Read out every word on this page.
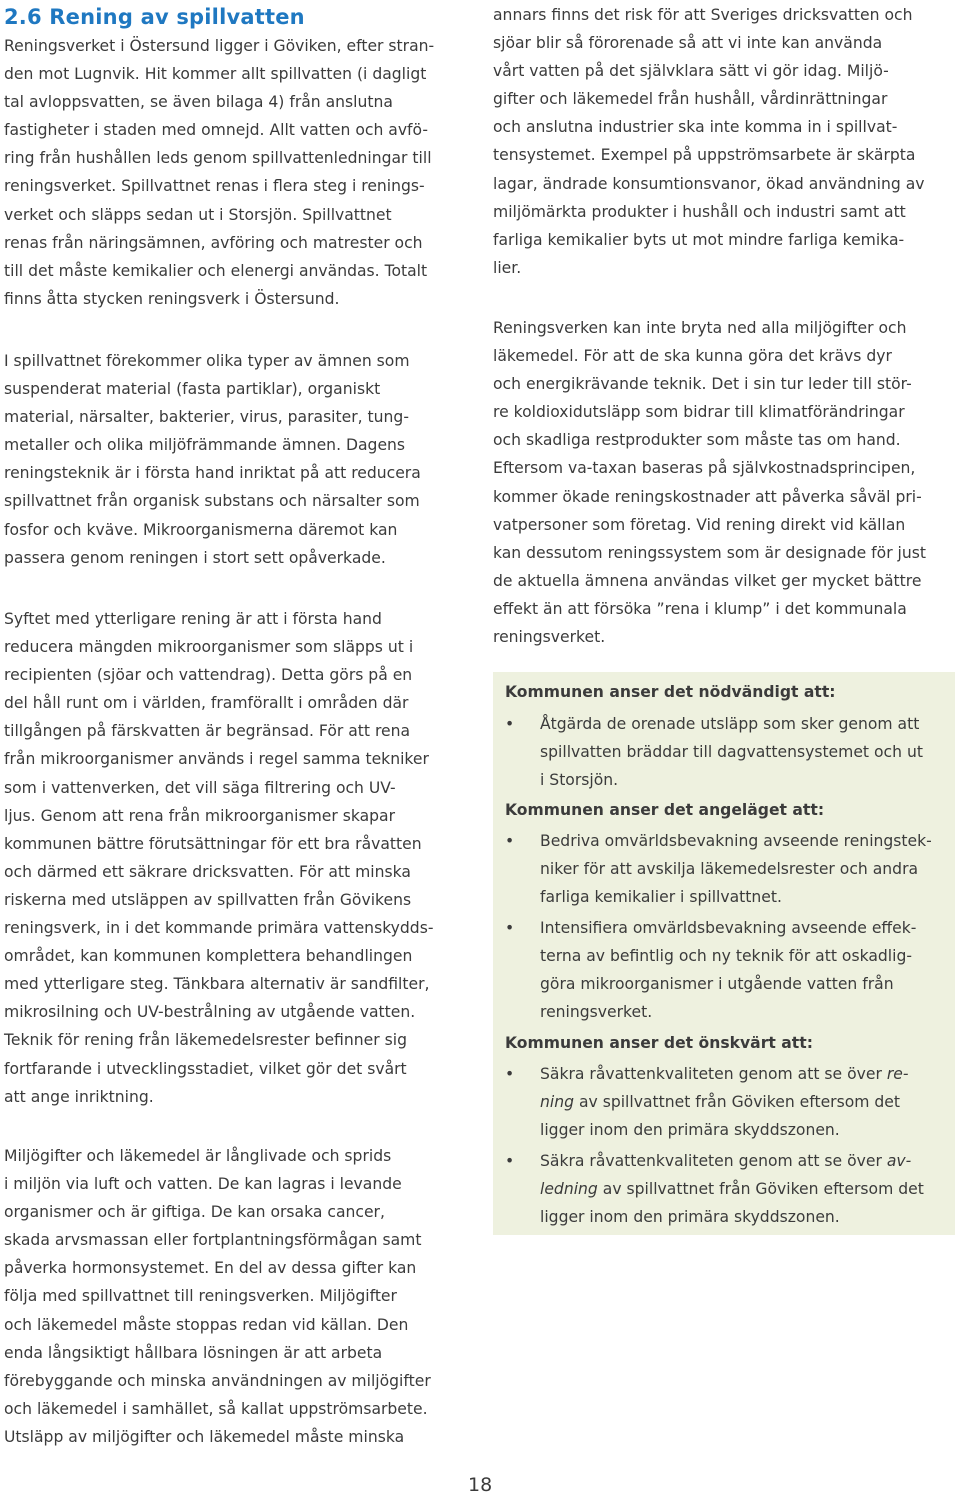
2.6 Rening av spillvatten

Reningsverket i Östersund ligger i Göviken, efter stran-
den mot Lugnvik. Hit kommer allt spillvatten (i dagligt
tal avloppsvatten, se även bilaga 4) från anslutna
fastigheter i staden med omnejd. Allt vatten och avfö-
ring från hushållen leds genom spillvattenledningar till
reningsverket. Spillvattnet renas i flera steg i renings-
verket och släpps sedan ut i Storsjön. Spillvattnet
renas från näringsämnen, avföring och matrester och
till det måste kemikalier och elenergi användas. Totalt
finns åtta stycken reningsverk i Östersund.

I spillvattnet förekommer olika typer av ämnen som
suspenderat material (fasta partiklar), organiskt
material, närsalter, bakterier, virus, parasiter, tung-
metaller och olika miljöfrämmande ämnen. Dagens
reningsteknik är i första hand inriktat på att reducera
spillvattnet från organisk substans och närsalter som
fosfor och kväve. Mikroorganismerna däremot kan
passera genom reningen i stort sett opåverkade.

Syftet med ytterligare rening är att i första hand
reducera mängden mikroorganismer som släpps ut i
recipienten (sjöar och vattendrag). Detta görs på en
del håll runt om i världen, framförallt i områden där
tillgången på färskvatten är begränsad. För att rena
från mikroorganismer används i regel samma tekniker
som i vattenverken, det vill säga filtrering och UV-
ljus. Genom att rena från mikroorganismer skapar
kommunen bättre förutsättningar för ett bra råvatten
och därmed ett säkrare dricksvatten. För att minska
riskerna med utsläppen av spillvatten från Gövikens
reningsverk, in i det kommande primära vattenskydds-
området, kan kommunen komplettera behandlingen
med ytterligare steg. Tänkbara alternativ är sandfilter,
mikrosilning och UV-bestrålning av utgående vatten.
Teknik för rening från läkemedelsrester befinner sig
fortfarande i utvecklingsstadiet, vilket gör det svårt
att ange inriktning.

Miljögifter och läkemedel är långlivade och sprids
i miljön via luft och vatten. De kan lagras i levande
organismer och är giftiga. De kan orsaka cancer,
skada arvsmassan eller fortplantningsförmågan samt
påverka hormonsystemet. En del av dessa gifter kan
följa med spillvattnet till reningsverken. Miljögifter
och läkemedel måste stoppas redan vid källan. Den
enda långsiktigt hållbara lösningen är att arbeta
förebyggande och minska användningen av miljögifter
och läkemedel i samhället, så kallat uppströmsarbete.
Utsläpp av miljögifter och läkemedel måste minska

annars finns det risk för att Sveriges dricksvatten och
sjöar blir så förorenade så att vi inte kan använda
vårt vatten på det självklara sätt vi gör idag. Miljö-
gifter och läkemedel från hushåll, vårdinrättningar
och anslutna industrier ska inte komma in i spillvat-
tensystemet. Exempel på uppströmsarbete är skärpta
lagar, ändrade konsumtionsvanor, ökad användning av
miljömärkta produkter i hushåll och industri samt att
farliga kemikalier byts ut mot mindre farliga kemika-
lier.

Reningsverken kan inte bryta ned alla miljögifter och
läkemedel. För att de ska kunna göra det krävs dyr
och energikrävande teknik. Det i sin tur leder till stör-
re koldioxidutsläpp som bidrar till klimatförändringar
och skadliga restprodukter som måste tas om hand.
Eftersom va-taxan baseras på självkostnadsprincipen,
kommer ökade reningskostnader att påverka såväl pri-
vatpersoner som företag. Vid rening direkt vid källan
kan dessutom reningssystem som är designade för just
de aktuella ämnena användas vilket ger mycket bättre
effekt än att försöka ”rena i klump” i det kommunala
reningsverket.

Kommunen anser det nödvändigt att:

• Åtgärda de orenade utsläpp som sker genom att
spillvatten bräddar till dagvattensystemet och ut
i Storsjön.

Kommunen anser det angeläget att:

• Bedriva omvärldsbevakning avseende reningstek-
niker för att avskilja läkemedelsrester och andra
farliga kemikalier i spillvattnet.
• Intensifiera omvärldsbevakning avseende effek-
terna av befintlig och ny teknik för att oskadlig-
göra mikroorganismer i utgående vatten från
reningsverket.

Kommunen anser det önskvärt att:

• Säkra råvattenkvaliteten genom att se över re-
ning av spillvattnet från Göviken eftersom det
ligger inom den primära skyddszonen.
• Säkra råvattenkvaliteten genom att se över av-
ledning av spillvattnet från Göviken eftersom det
ligger inom den primära skyddszonen.
18
